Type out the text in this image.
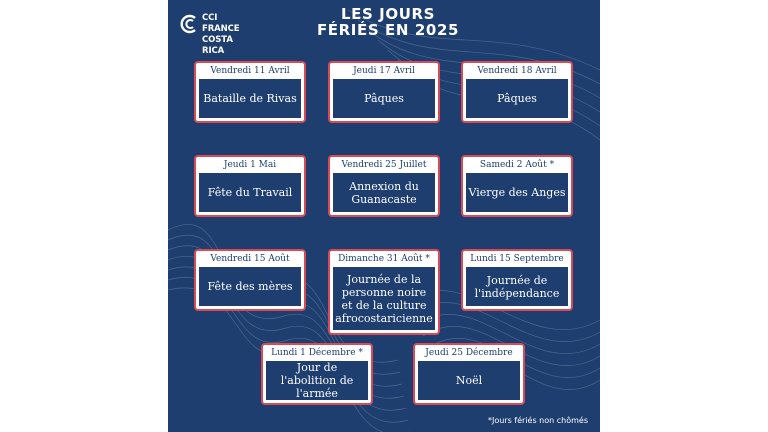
CCI FRANCE
COSTA RICA
LES JOURS
FÉRIÉS EN 2025
Vendredi 11 Avril
Bataille de Rivas
Jeudi 17 Avril
Pâques
Vendredi 18 Avril
Pâques
Jeudi 1 Mai
Fête du Travail
Vendredi 25 Juillet
Annexion du Guanacaste
Samedi 2 Août *
Vierge des Anges
Vendredi 15 Août
Fête des mères
Dimanche 31 Août *
Journée de la personne noire et de la culture afrocostaricienne
Lundi 15 Septembre
Journée de l'indépendance
Lundi 1 Décembre *
Jour de l'abolition de l'armée
Jeudi 25 Décembre
Noël
*Jours fériés non chômés
